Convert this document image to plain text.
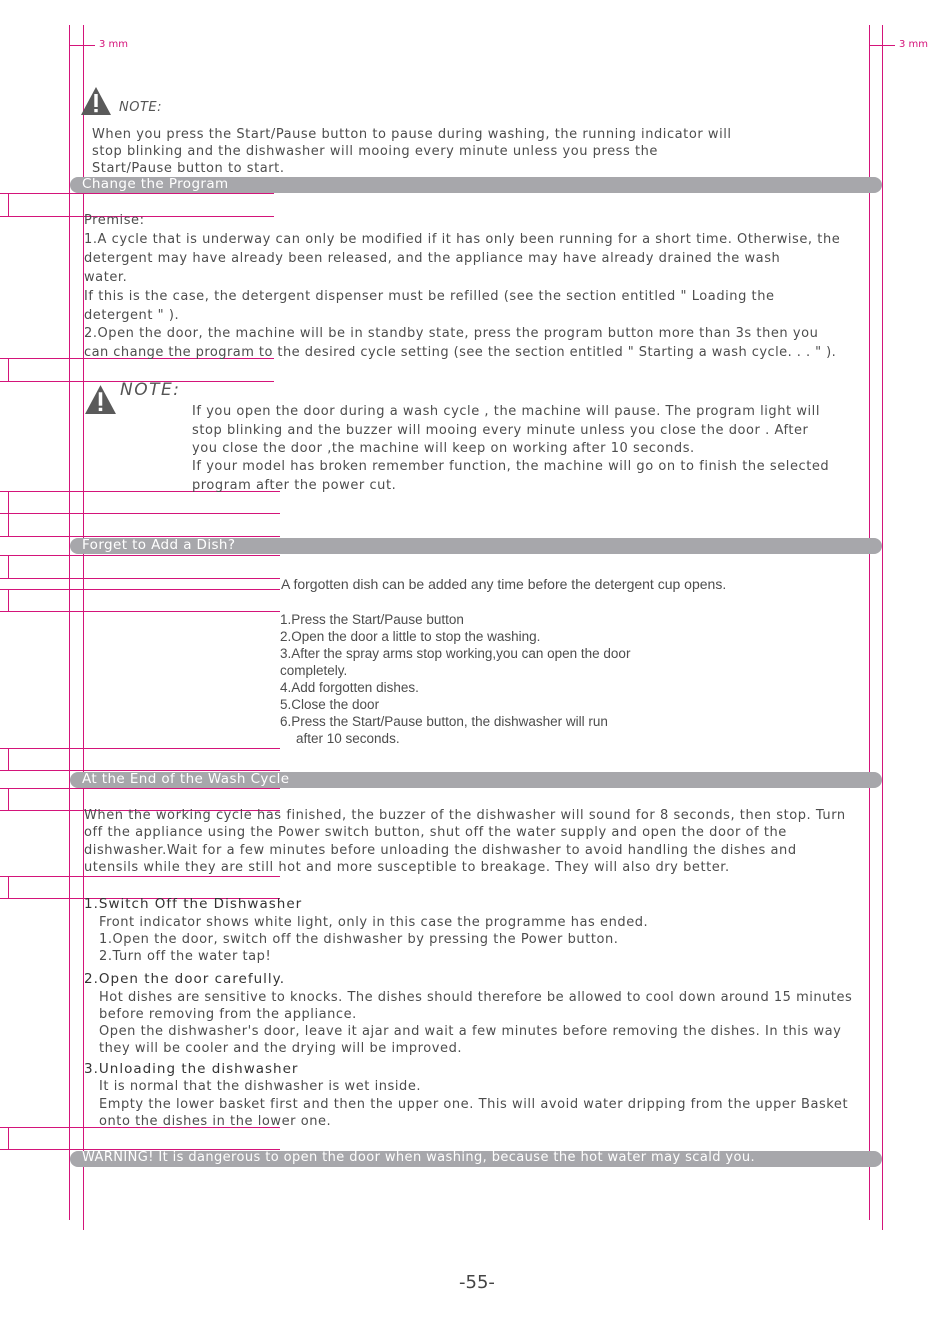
3 mm	3 mm
NOTE:
When you press the Start/Pause button to pause during washing, the running indicator will
stop blinking and the dishwasher will mooing every minute unless you press the
Start/Pause button to start.
Change the Program
Premise:
1.A cycle that is underway can only be modified if it has only been running for a short time. Otherwise, the
detergent may have already been released, and the appliance may have already drained the wash
water.
If this is the case, the detergent dispenser must be refilled (see the section entitled " Loading the
detergent " ).
2.Open the door, the machine will be in standby state, press the program button more than 3s then you
can change the program to the desired cycle setting (see the section entitled " Starting a wash cycle. . . " ).
NOTE:
If you open the door during a wash cycle , the machine will pause. The program light will
stop blinking and the buzzer will mooing every minute unless you close the door . After
you close the door ,the machine will keep on working after 10 seconds.
If your model has broken remember function, the machine will go on to finish the selected
program after the power cut.
Forget to Add a Dish?
A forgotten dish can be added any time before the detergent cup opens.
1.Press the Start/Pause button
2.Open the door a little to stop the washing.
3.After the spray arms stop working,you can open the door
completely.
4.Add forgotten dishes.
5.Close the door
6.Press the Start/Pause button, the dishwasher will run
after 10 seconds.
At the End of the Wash Cycle
When the working cycle has finished, the buzzer of the dishwasher will sound for 8 seconds, then stop. Turn
off the appliance using the Power switch button, shut off the water supply and open the door of the
dishwasher.Wait for a few minutes before unloading the dishwasher to avoid handling the dishes and
utensils while they are still hot and more susceptible to breakage. They will also dry better.
1.Switch Off the Dishwasher
Front indicator shows white light, only in this case the programme has ended.
1.Open the door, switch off the dishwasher by pressing the Power button.
2.Turn off the water tap!
2.Open the door carefully.
Hot dishes are sensitive to knocks. The dishes should therefore be allowed to cool down around 15 minutes
before removing from the appliance.
Open the dishwasher's door, leave it ajar and wait a few minutes before removing the dishes. In this way
they will be cooler and the drying will be improved.
3.Unloading the dishwasher
It is normal that the dishwasher is wet inside.
Empty the lower basket first and then the upper one. This will avoid water dripping from the upper Basket
onto the dishes in the lower one.
WARNING! It is dangerous to open the door when washing, because the hot water may scald you.
-55-
